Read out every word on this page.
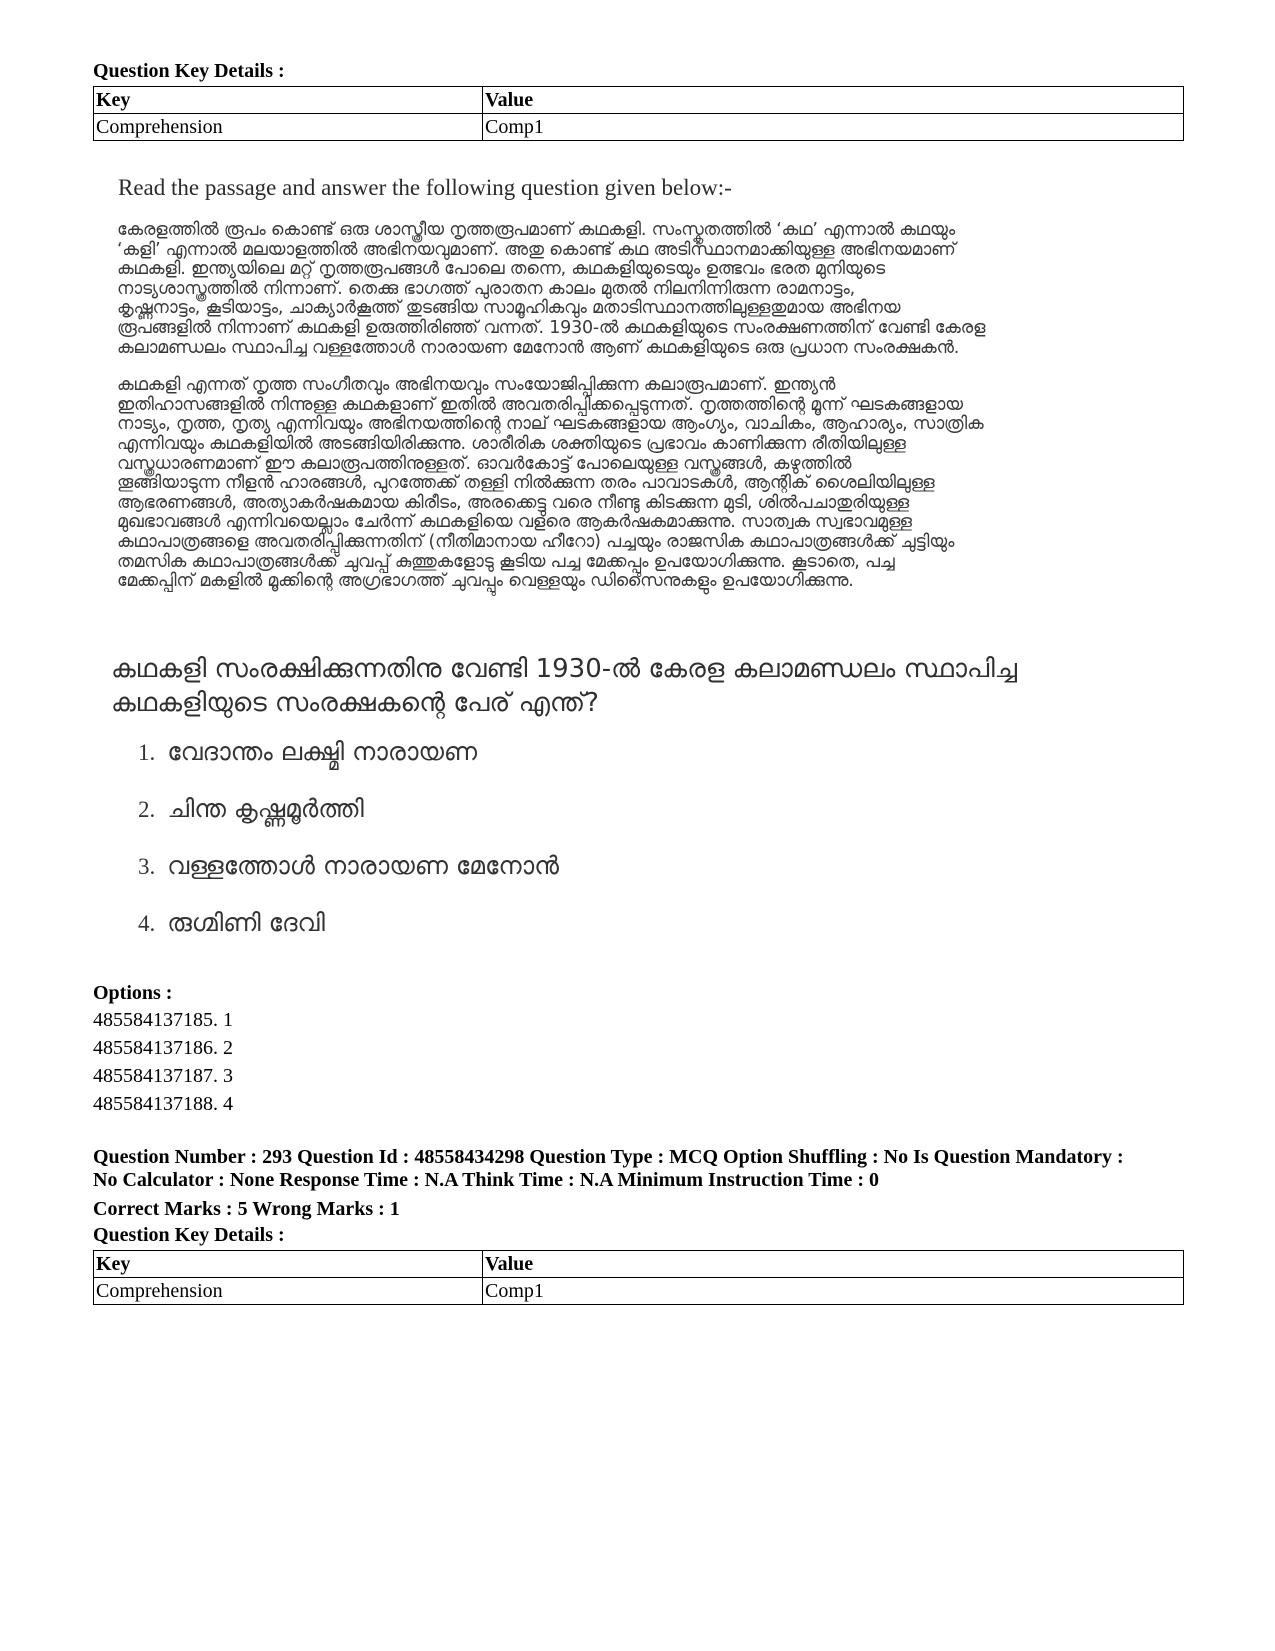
Question Key Details :
Key	Value
Comprehension	Comp1
Read the passage and answer the following question given below:-

കേരളത്തിൽ രൂപം കൊണ്ട് ഒരു ശാസ്ത്രീയ നൃത്തരൂപമാണ് കഥകളി. സംസ്കൃതത്തിൽ ‘കഥ’ എന്നാൽ കഥയും

‘കളി’ എന്നാൽ മലയാളത്തിൽ അഭിനയവുമാണ്. അതു കൊണ്ട് കഥ അടിസ്ഥാനമാക്കിയുള്ള അഭിനയമാണ്

കഥകളി. ഇന്ത്യയിലെ മറ്റ് നൃത്തരൂപങ്ങൾ പോലെ തന്നെ, കഥകളിയുടെയും ഉത്ഭവം ഭരത മുനിയുടെ

നാട്യശാസ്ത്രത്തിൽ നിന്നാണ്. തെക്കു ഭാഗത്ത് പുരാതന കാലം മുതൽ നിലനിന്നിരുന്ന രാമനാട്ടം,

കൃഷ്ണനാട്ടം, കൂടിയാട്ടം, ചാക്യാർകൂത്ത് തുടങ്ങിയ സാമൂഹികവും മതാടിസ്ഥാനത്തിലുള്ളതുമായ അഭിനയ

രൂപങ്ങളിൽ നിന്നാണ് കഥകളി ഉരുത്തിരിഞ്ഞ് വന്നത്. 1930-ൽ കഥകളിയുടെ സംരക്ഷണത്തിന് വേണ്ടി കേരള

കലാമണ്ഡലം സ്ഥാപിച്ച വള്ളത്തോൾ നാരായണ മേനോൻ ആണ് കഥകളിയുടെ ഒരു പ്രധാന സംരക്ഷകൻ.

കഥകളി എന്നത് നൃത്ത സംഗീതവും അഭിനയവും സംയോജിപ്പിക്കുന്ന കലാരൂപമാണ്. ഇന്ത്യൻ

ഇതിഹാസങ്ങളിൽ നിന്നുള്ള കഥകളാണ് ഇതിൽ അവതരിപ്പിക്കപ്പെടുന്നത്. നൃത്തത്തിന്റെ മൂന്ന് ഘടകങ്ങളായ

നാട്യം, നൃത്ത, നൃത്യ എന്നിവയും അഭിനയത്തിന്റെ നാല് ഘടകങ്ങളായ ആംഗ്യം, വാചികം, ആഹാര്യം, സാത്രിക

എന്നിവയും കഥകളിയിൽ അടങ്ങിയിരിക്കുന്നു. ശാരീരിക ശക്തിയുടെ പ്രഭാവം കാണിക്കുന്ന രീതിയിലുള്ള

വസ്ത്രധാരണമാണ് ഈ കലാരൂപത്തിനുള്ളത്. ഓവർകോട്ട് പോലെയുള്ള വസ്ത്രങ്ങൾ, കഴുത്തിൽ

തൂങ്ങിയാടുന്ന നീളൻ ഹാരങ്ങൾ, പുറത്തേക്ക് തള്ളി നിൽക്കുന്ന തരം പാവാടകൾ, ആന്റിക് ശൈലിയിലുള്ള

ആഭരണങ്ങൾ, അത്യാകർഷകമായ കിരീടം, അരക്കെട്ടു വരെ നീണ്ടു കിടക്കുന്ന മുടി, ശിൽപചാതുരിയുള്ള

മുഖഭാവങ്ങൾ എന്നിവയെല്ലാം ചേർന്ന് കഥകളിയെ വളരെ ആകർഷകമാക്കുന്നു. സാത്വക സ്വഭാവമുള്ള

കഥാപാത്രങ്ങളെ അവതരിപ്പിക്കുന്നതിന് (നീതിമാനായ ഹീറോ) പച്ചയും രാജസിക കഥാപാത്രങ്ങൾക്ക് ചുട്ടിയും

തമസിക കഥാപാത്രങ്ങൾക്ക് ചുവപ്പ് കുത്തുകളോടു കൂടിയ പച്ച മേക്കപ്പും ഉപയോഗിക്കുന്നു. കൂടാതെ, പച്ച

മേക്കപ്പിന് മകളിൽ മൂക്കിന്റെ അഗ്രഭാഗത്ത് ചുവപ്പും വെള്ളയും ഡിസൈനുകളും ഉപയോഗിക്കുന്നു.

കഥകളി സംരക്ഷിക്കുന്നതിനു വേണ്ടി 1930-ൽ കേരള കലാമണ്ഡലം സ്ഥാപിച്ച
കഥകളിയുടെ സംരക്ഷകന്റെ പേര് എന്ത്?
1. വേദാന്തം ലക്ഷ്മി നാരായണ
2. ചിന്ത കൃഷ്ണമൂർത്തി
3. വള്ളത്തോൾ നാരായണ മേനോൻ
4. രുഗ്മിണി ദേവി
Options :
485584137185. 1
485584137186. 2
485584137187. 3
485584137188. 4
Question Number : 293 Question Id : 48558434298 Question Type : MCQ Option Shuffling : No Is Question Mandatory :
No Calculator : None Response Time : N.A Think Time : N.A Minimum Instruction Time : 0
Correct Marks : 5 Wrong Marks : 1
Question Key Details :
Key	Value
Comprehension	Comp1
